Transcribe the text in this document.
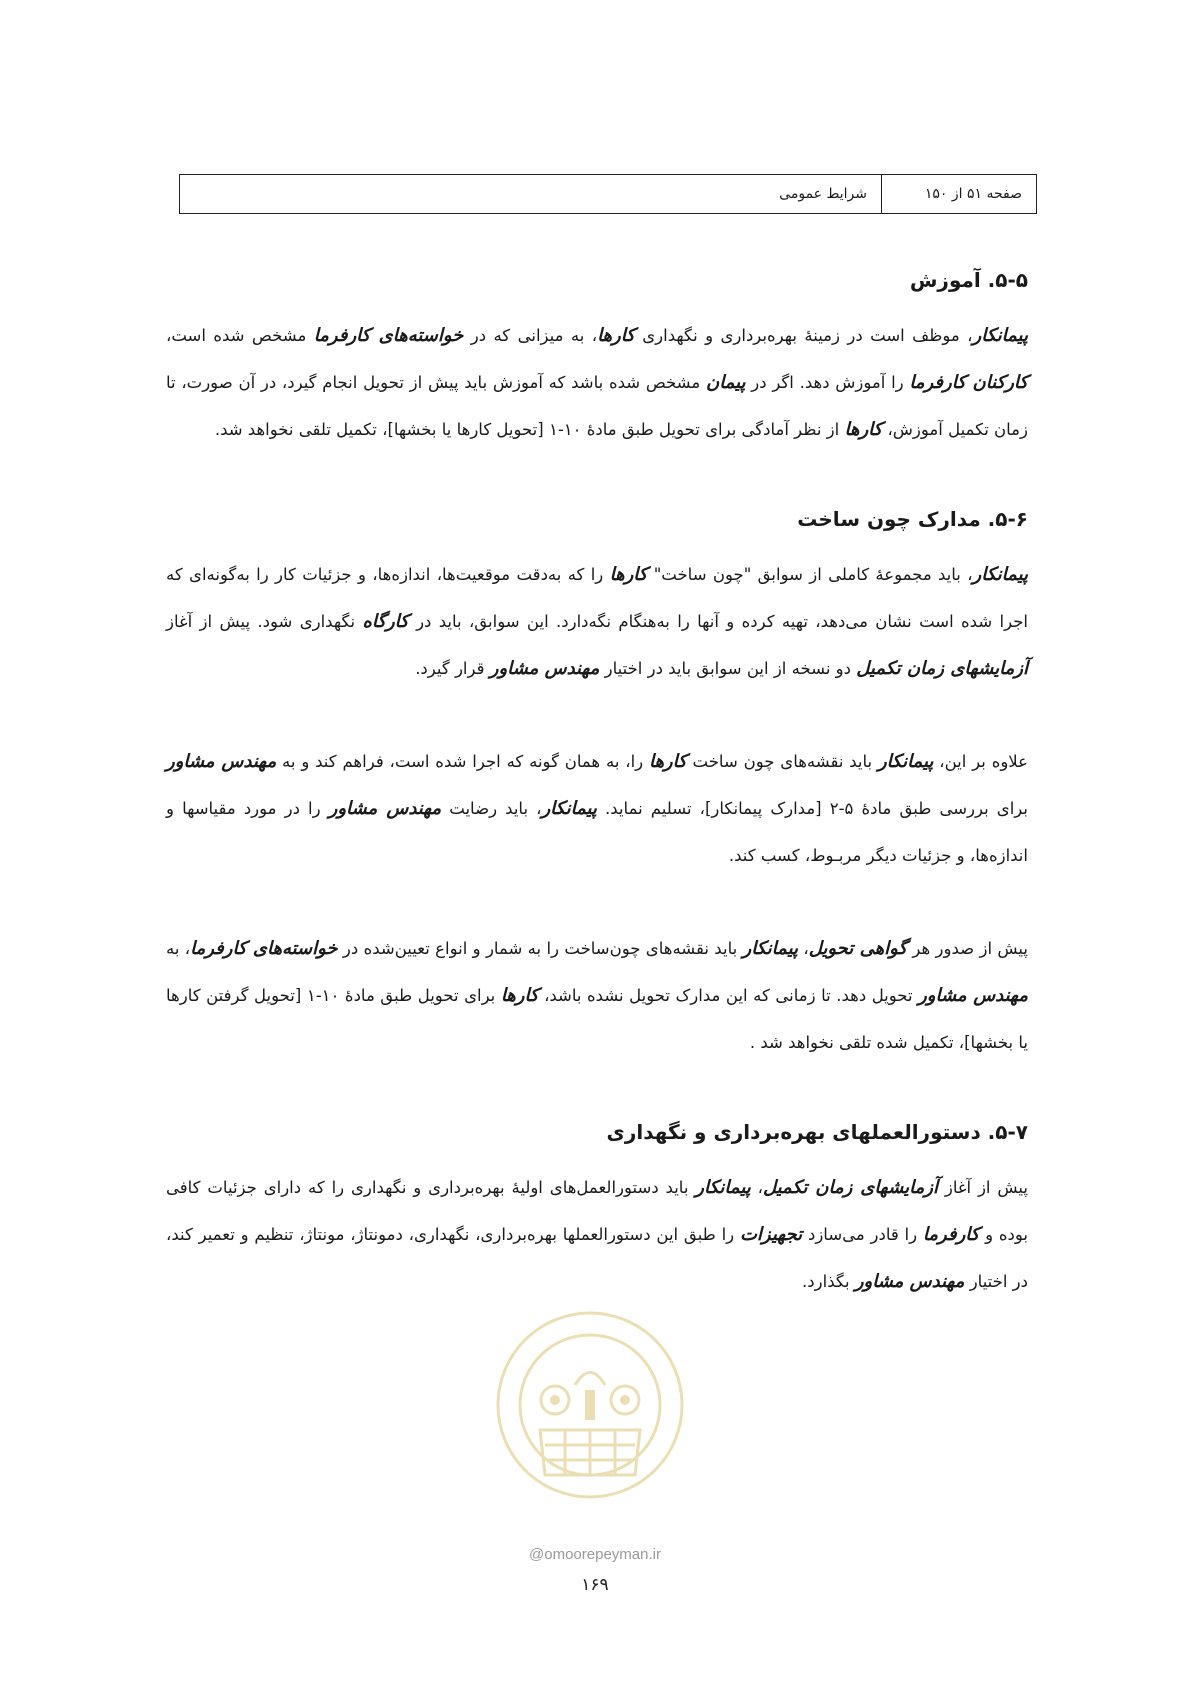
صفحه ۵۱ از ۱۵۰
شرایط عمومی
۵-۵. آموزش

پیمانکار، موظف است در زمینهٔ بهره‌برداری و نگهداری کارها، به میزانی که در خواسته‌های کارفرما مشخص شده است، کارکنان کارفرما را آموزش دهد. اگر در پیمان مشخص شده باشد که آموزش باید پیش از تحویل انجام گیرد، در آن صورت، تا زمان تکمیل آموزش، کارها از نظر آمادگی برای تحویل طبق مادهٔ ۱۰-۱ [تحویل کارها یا بخشها]، تکمیل تلقی نخواهد شد.

۵-۶. مدارک چون ساخت

پیمانکار، باید مجموعهٔ کاملی از سوابق "چون ساخت" کارها را که به‌دقت موقعیت‌ها، اندازه‌ها، و جزئیات کار را به‌گونه‌ای که اجرا شده است نشان می‌دهد، تهیه کرده و آنها را به‌هنگام نگه‌دارد. این سوابق، باید در کارگاه نگهداری شود. پیش از آغاز آزمایشهای زمان تکمیل دو نسخه از این سوابق باید در اختیار مهندس مشاور قرار گیرد.

علاوه بر این، پیمانکار باید نقشه‌های چون ساخت کارها را، به همان گونه که اجرا شده است، فراهم کند و به مهندس مشاور برای بررسی طبق مادهٔ ۵-۲ [مدارک پیمانکار]، تسلیم نماید. پیمانکار، باید رضایت مهندس مشاور را در مورد مقیاسها و اندازه‌ها، و جزئیات دیگر مربـوط، کسب کند.

پیش از صدور هر گواهی تحویل، پیمانکار باید نقشه‌های چون‌ساخت را به شمار و انواع تعیین‌شده در خواسته‌های کارفرما، به مهندس مشاور تحویل دهد. تا زمانی که این مدارک تحویل نشده باشد، کارها برای تحویل طبق مادهٔ ۱۰-۱ [تحویل گرفتن کارها یا بخشها]، تکمیل شده تلقی نخواهد شد .

۵-۷. دستورالعملهای بهره‌برداری و نگهداری

پیش از آغاز آزمایشهای زمان تکمیل، پیمانکار باید دستورالعمل‌های اولیهٔ بهره‌برداری و نگهداری را که دارای جزئیات کافی بوده و کارفرما را قادر می‌سازد تجهیزات را طبق این دستورالعملها بهره‌برداری، نگهداری، دمونتاژ، مونتاژ، تنظیم و تعمیر کند، در اختیار مهندس مشاور بگذارد.

@omoorepeyman.ir
۱۶۹
